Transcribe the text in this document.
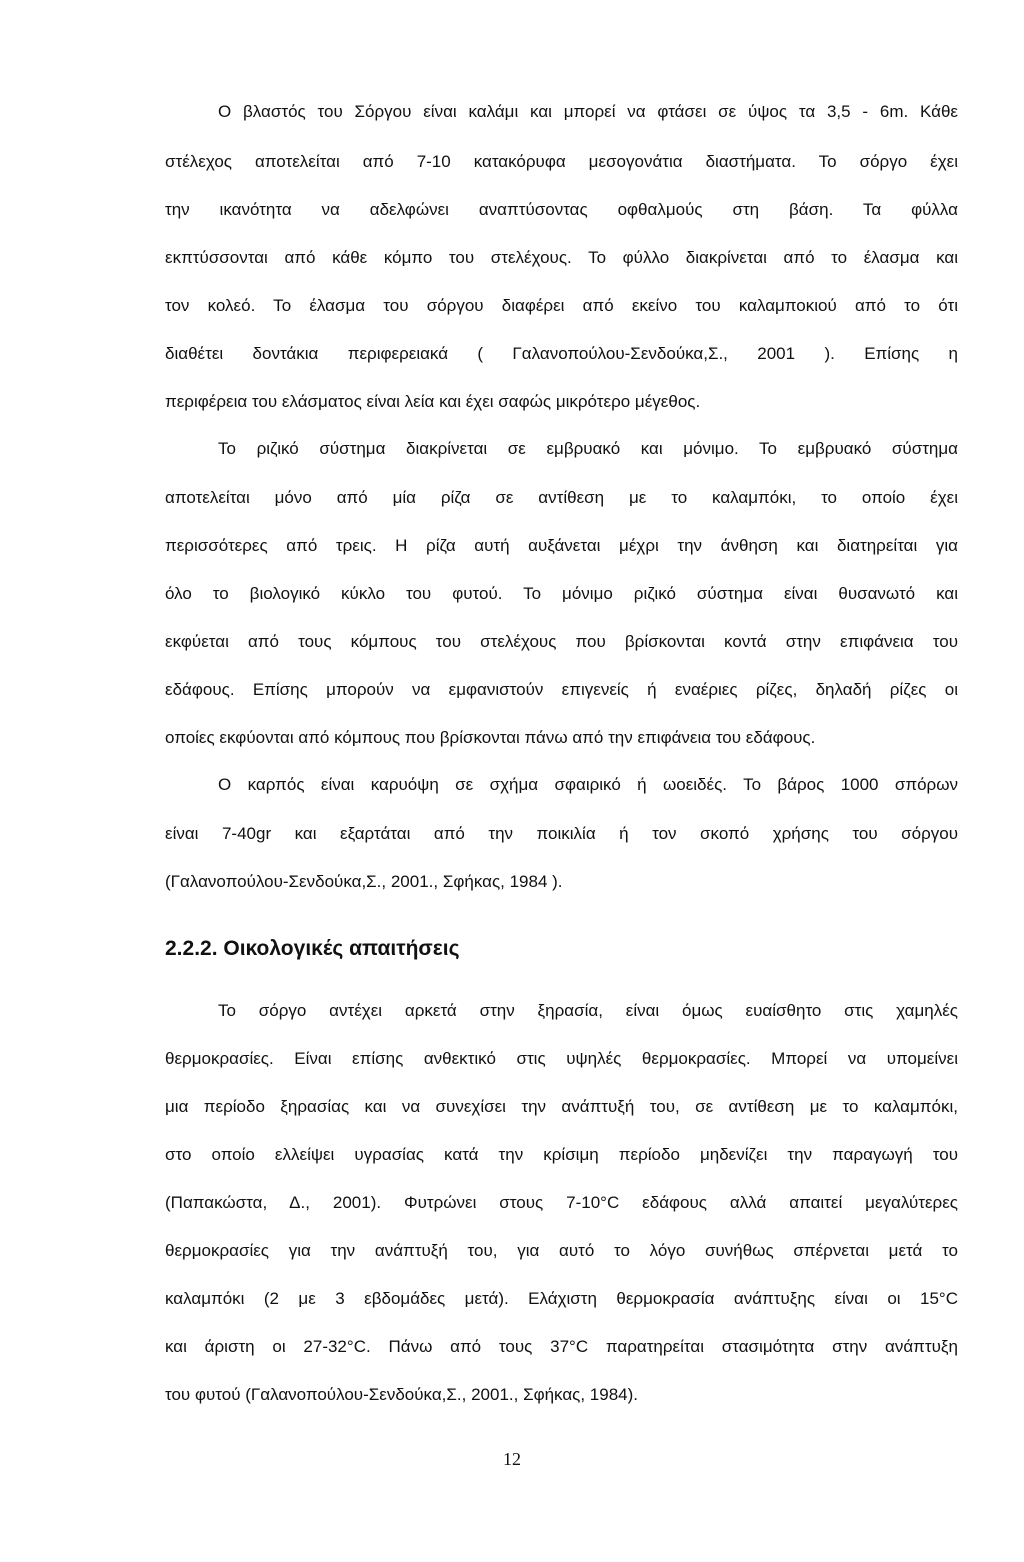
Ο βλαστός του Σόργου είναι καλάμι και μπορεί να φτάσει σε ύψος τα 3,5 - 6m. Κάθε
στέλεχος αποτελείται από 7-10 κατακόρυφα μεσογονάτια διαστήματα. Το σόργο έχει
την ικανότητα να αδελφώνει αναπτύσοντας οφθαλμούς στη βάση. Τα φύλλα
εκπτύσσονται από κάθε κόμπο του στελέχους. Το φύλλο διακρίνεται από το έλασμα και
τον κολεό. Το έλασμα του σόργου διαφέρει από εκείνο του καλαμποκιού από το ότι
διαθέτει δοντάκια περιφερειακά ( Γαλανοπούλου-Σενδούκα,Σ., 2001 ). Επίσης η
περιφέρεια του ελάσματος είναι λεία και έχει σαφώς μικρότερο μέγεθος.
Το ριζικό σύστημα διακρίνεται σε εμβρυακό και μόνιμο. Το εμβρυακό σύστημα
αποτελείται μόνο από μία ρίζα σε αντίθεση με το καλαμπόκι, το οποίο έχει
περισσότερες από τρεις. Η ρίζα αυτή αυξάνεται μέχρι την άνθηση και διατηρείται για
όλο το βιολογικό κύκλο του φυτού. Το μόνιμο ριζικό σύστημα είναι θυσανωτό και
εκφύεται από τους κόμπους του στελέχους που βρίσκονται κοντά στην επιφάνεια του
εδάφους. Επίσης μπορούν να εμφανιστούν επιγενείς ή εναέριες ρίζες, δηλαδή ρίζες οι
οποίες εκφύονται από κόμπους που βρίσκονται πάνω από την επιφάνεια του εδάφους.
Ο καρπός είναι καρυόψη σε σχήμα σφαιρικό ή ωοειδές. Το βάρος 1000 σπόρων
είναι 7-40gr και εξαρτάται από την ποικιλία ή τον σκοπό χρήσης του σόργου
(Γαλανοπούλου-Σενδούκα,Σ., 2001., Σφήκας, 1984 ).
2.2.2. Οικολογικές απαιτήσεις
Το σόργο αντέχει αρκετά στην ξηρασία, είναι όμως ευαίσθητο στις χαμηλές
θερμοκρασίες. Είναι επίσης ανθεκτικό στις υψηλές θερμοκρασίες. Μπορεί να υπομείνει
μια περίοδο ξηρασίας και να συνεχίσει την ανάπτυξή του, σε αντίθεση με το καλαμπόκι,
στο οποίο ελλείψει υγρασίας κατά την κρίσιμη περίοδο μηδενίζει την παραγωγή του
(Παπακώστα, Δ., 2001). Φυτρώνει στους 7-10°C εδάφους αλλά απαιτεί μεγαλύτερες
θερμοκρασίες για την ανάπτυξή του, για αυτό το λόγο συνήθως σπέρνεται μετά το
καλαμπόκι (2 με 3 εβδομάδες μετά). Ελάχιστη θερμοκρασία ανάπτυξης είναι οι 15°C
και άριστη οι 27-32°C. Πάνω από τους 37°C παρατηρείται στασιμότητα στην ανάπτυξη
του φυτού (Γαλανοπούλου-Σενδούκα,Σ., 2001., Σφήκας, 1984).
12
